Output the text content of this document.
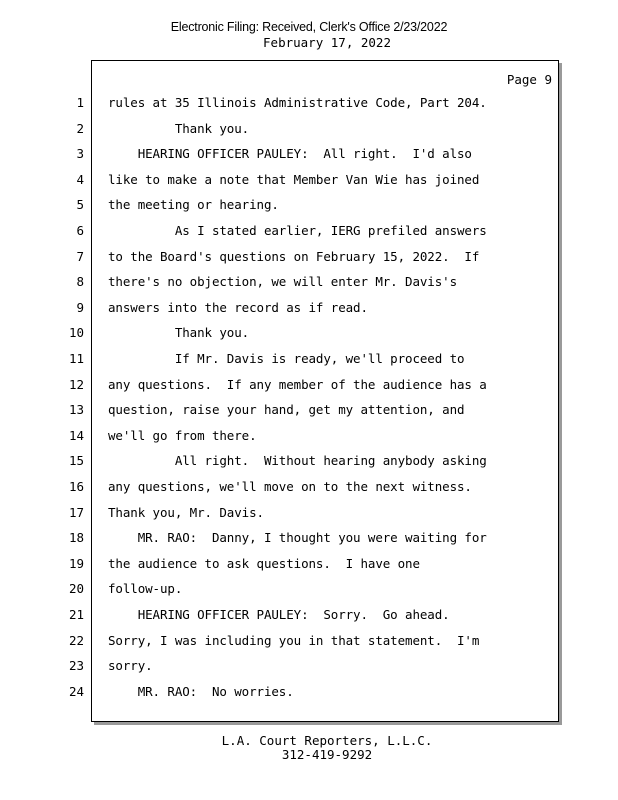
Electronic Filing: Received, Clerk's Office 2/23/2022
February 17, 2022
Page 9
1 rules at 35 Illinois Administrative Code, Part 204.
2 Thank you.
3 HEARING OFFICER PAULEY:  All right.  I'd also
4 like to make a note that Member Van Wie has joined
5 the meeting or hearing.
6 As I stated earlier, IERG prefiled answers
7 to the Board's questions on February 15, 2022.  If
8 there's no objection, we will enter Mr. Davis's
9 answers into the record as if read.
10 Thank you.
11 If Mr. Davis is ready, we'll proceed to
12 any questions.  If any member of the audience has a
13 question, raise your hand, get my attention, and
14 we'll go from there.
15 All right.  Without hearing anybody asking
16 any questions, we'll move on to the next witness.
17 Thank you, Mr. Davis.
18 MR. RAO:  Danny, I thought you were waiting for
19 the audience to ask questions.  I have one
20 follow-up.
21 HEARING OFFICER PAULEY:  Sorry.  Go ahead.
22 Sorry, I was including you in that statement.  I'm
23 sorry.
24 MR. RAO:  No worries.
L.A. Court Reporters, L.L.C.
312-419-9292
